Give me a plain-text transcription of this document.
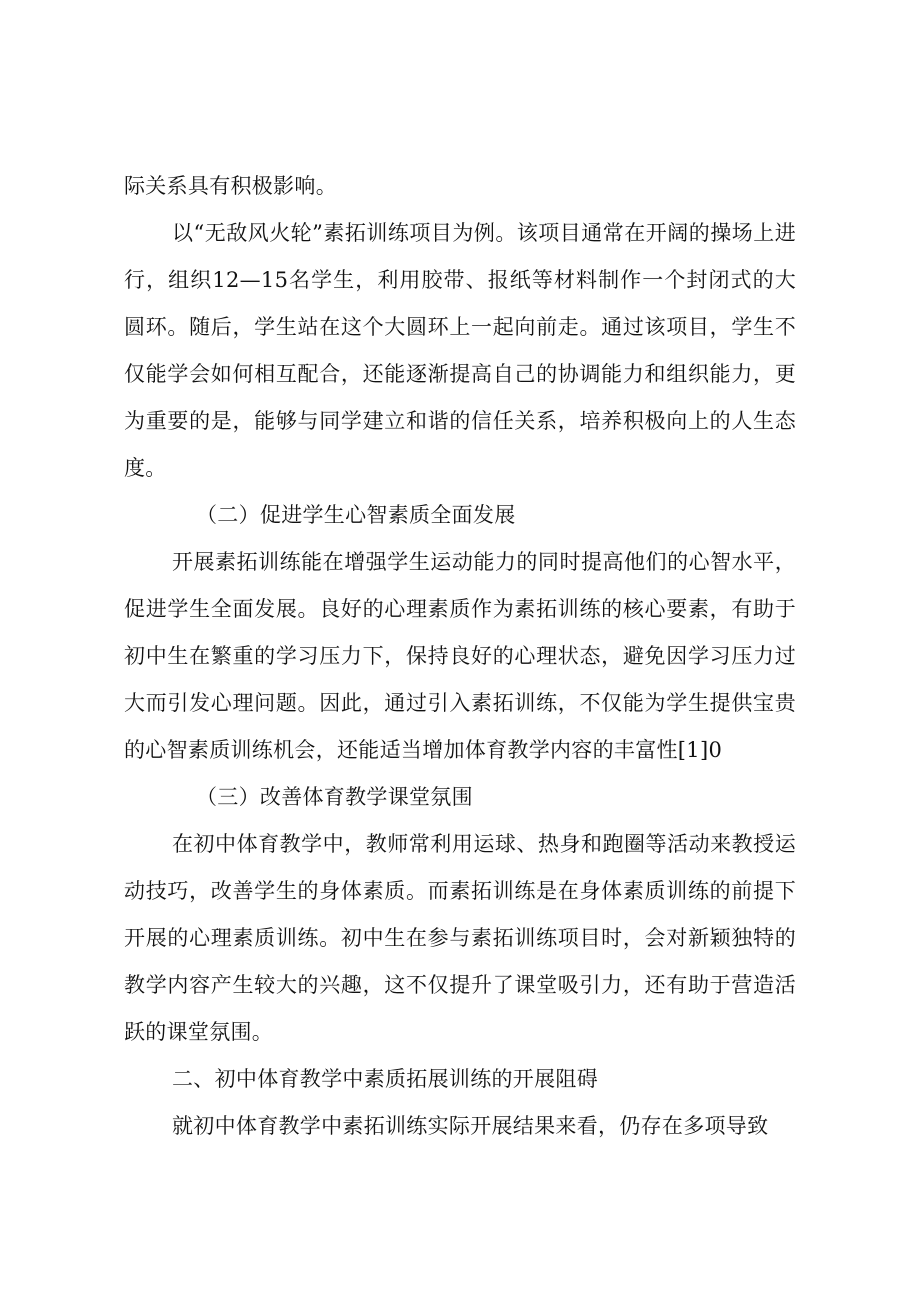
际关系具有积极影响。

以“无敌风火轮”素拓训练项目为例。该项目通常在开阔的操场上进行，组织12—15名学生，利用胶带、报纸等材料制作一个封闭式的大圆环。随后，学生站在这个大圆环上一起向前走。通过该项目，学生不仅能学会如何相互配合，还能逐渐提高自己的协调能力和组织能力，更为重要的是，能够与同学建立和谐的信任关系，培养积极向上的人生态度。

（二）促进学生心智素质全面发展

开展素拓训练能在增强学生运动能力的同时提高他们的心智水平，促进学生全面发展。良好的心理素质作为素拓训练的核心要素，有助于初中生在繁重的学习压力下，保持良好的心理状态，避免因学习压力过大而引发心理问题。因此，通过引入素拓训练，不仅能为学生提供宝贵的心智素质训练机会，还能适当增加体育教学内容的丰富性[1]0

（三）改善体育教学课堂氛围

在初中体育教学中，教师常利用运球、热身和跑圈等活动来教授运动技巧，改善学生的身体素质。而素拓训练是在身体素质训练的前提下开展的心理素质训练。初中生在参与素拓训练项目时，会对新颖独特的教学内容产生较大的兴趣，这不仅提升了课堂吸引力，还有助于营造活跃的课堂氛围。

二、初中体育教学中素质拓展训练的开展阻碍

就初中体育教学中素拓训练实际开展结果来看，仍存在多项导致
